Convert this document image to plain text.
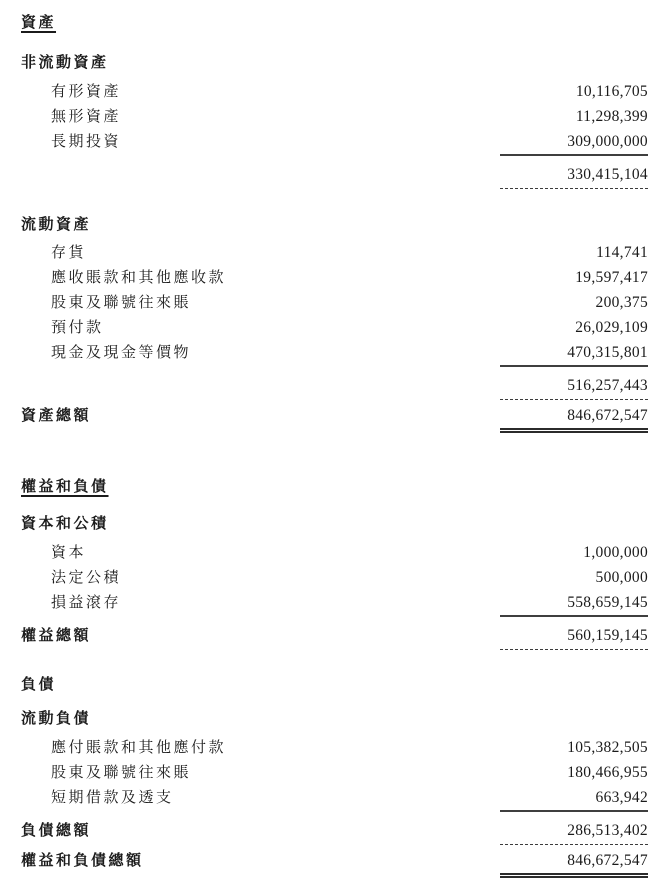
資產
非流動資產
有形資產	10,116,705
無形資產	11,298,399
長期投資	309,000,000
330,415,104
流動資產
存貨	114,741
應收賬款和其他應收款	19,597,417
股東及聯號往來賬	200,375
預付款	26,029,109
現金及現金等價物	470,315,801
516,257,443
資產總額	846,672,547
權益和負債
資本和公積
資本	1,000,000
法定公積	500,000
損益滾存	558,659,145
權益總額	560,159,145
負債
流動負債
應付賬款和其他應付款	105,382,505
股東及聯號往來賬	180,466,955
短期借款及透支	663,942
負債總額	286,513,402
權益和負債總額	846,672,547
